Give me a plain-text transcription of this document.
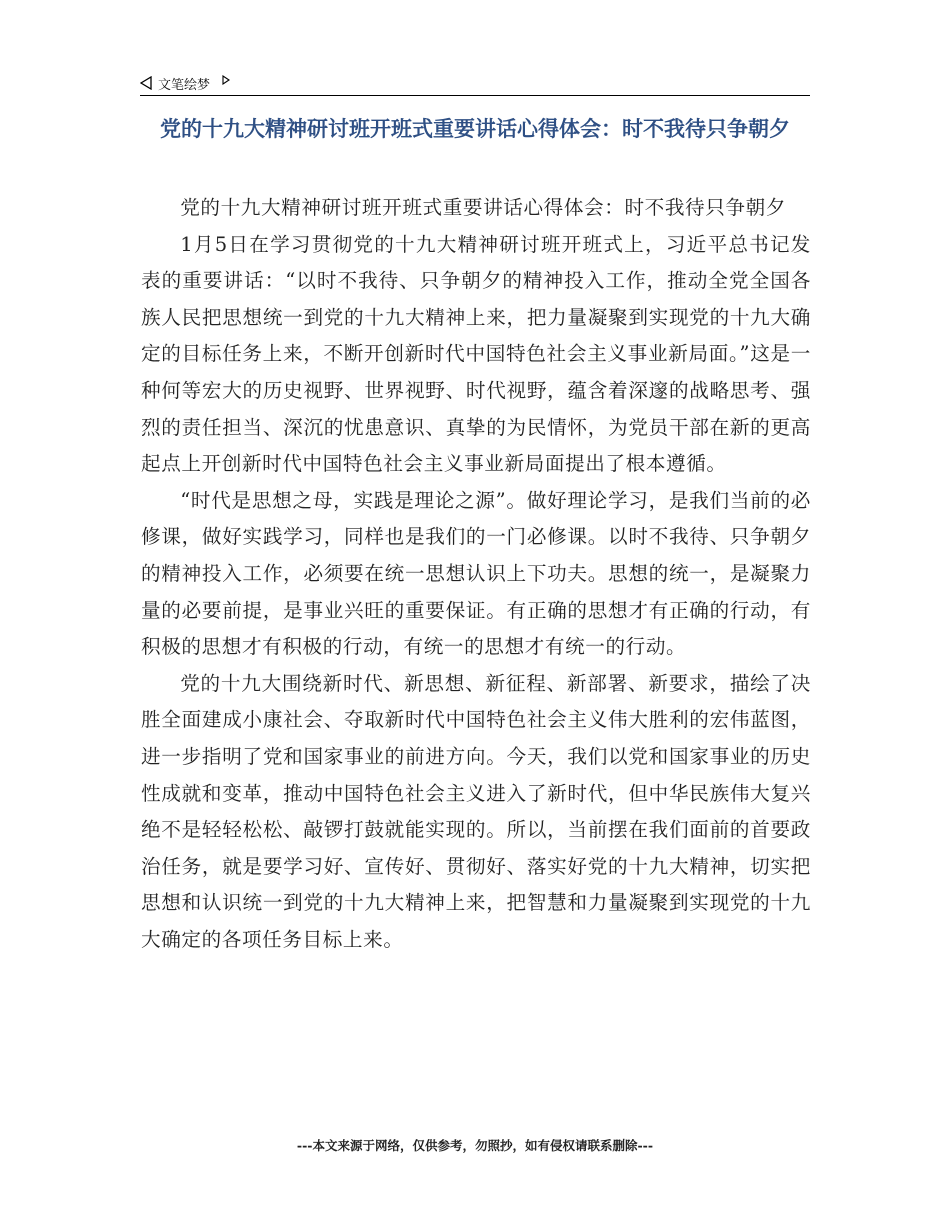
文笔绘梦
党的十九大精神研讨班开班式重要讲话心得体会：时不我待只争朝夕

党的十九大精神研讨班开班式重要讲话心得体会：时不我待只争朝夕

1月5日在学习贯彻党的十九大精神研讨班开班式上，习近平总书记发表的重要讲话：“以时不我待、只争朝夕的精神投入工作，推动全党全国各族人民把思想统一到党的十九大精神上来，把力量凝聚到实现党的十九大确定的目标任务上来，不断开创新时代中国特色社会主义事业新局面。”这是一种何等宏大的历史视野、世界视野、时代视野，蕴含着深邃的战略思考、强烈的责任担当、深沉的忧患意识、真挚的为民情怀，为党员干部在新的更高起点上开创新时代中国特色社会主义事业新局面提出了根本遵循。

“时代是思想之母，实践是理论之源”。做好理论学习，是我们当前的必修课，做好实践学习，同样也是我们的一门必修课。以时不我待、只争朝夕的精神投入工作，必须要在统一思想认识上下功夫。思想的统一，是凝聚力量的必要前提，是事业兴旺的重要保证。有正确的思想才有正确的行动，有积极的思想才有积极的行动，有统一的思想才有统一的行动。

党的十九大围绕新时代、新思想、新征程、新部署、新要求，描绘了决胜全面建成小康社会、夺取新时代中国特色社会主义伟大胜利的宏伟蓝图，进一步指明了党和国家事业的前进方向。今天，我们以党和国家事业的历史性成就和变革，推动中国特色社会主义进入了新时代，但中华民族伟大复兴绝不是轻轻松松、敲锣打鼓就能实现的。所以，当前摆在我们面前的首要政治任务，就是要学习好、宣传好、贯彻好、落实好党的十九大精神，切实把思想和认识统一到党的十九大精神上来，把智慧和力量凝聚到实现党的十九大确定的各项任务目标上来。

---本文来源于网络，仅供参考，勿照抄，如有侵权请联系删除---
